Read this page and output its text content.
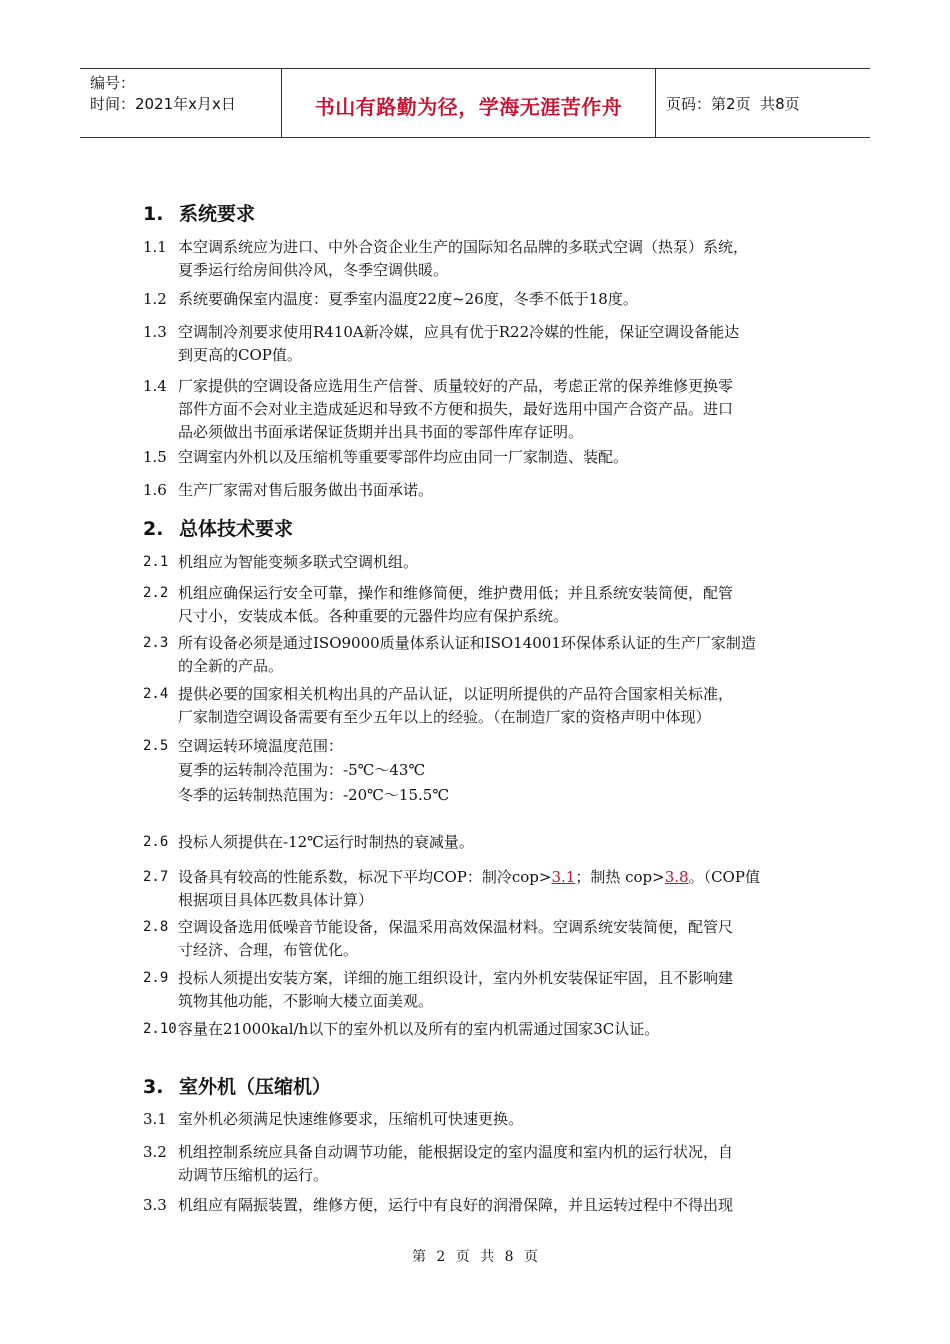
编号：
时间：2021年x月x日	书山有路勤为径，学海无涯苦作舟	页码：第2页  共8页
1. 系统要求
1.1 本空调系统应为进口、中外合资企业生产的国际知名品牌的多联式空调（热泵）系统，
夏季运行给房间供冷风，冬季空调供暖。
1.2 系统要确保室内温度：夏季室内温度22度~26度，冬季不低于18度。
1.3 空调制冷剂要求使用R410A新冷媒，应具有优于R22冷媒的性能，保证空调设备能达
到更高的COP值。
1.4 厂家提供的空调设备应选用生产信誉、质量较好的产品，考虑正常的保养维修更换零
部件方面不会对业主造成延迟和导致不方便和损失，最好选用中国产合资产品。进口
品必须做出书面承诺保证货期并出具书面的零部件库存证明。
1.5 空调室内外机以及压缩机等重要零部件均应由同一厂家制造、装配。
1.6 生产厂家需对售后服务做出书面承诺。
2. 总体技术要求
2.1 机组应为智能变频多联式空调机组。
2.2 机组应确保运行安全可靠，操作和维修简便，维护费用低；并且系统安装简便，配管
尺寸小，安装成本低。各种重要的元器件均应有保护系统。
2.3 所有设备必须是通过ISO9000质量体系认证和ISO14001环保体系认证的生产厂家制造
的全新的产品。
2.4 提供必要的国家相关机构出具的产品认证，以证明所提供的产品符合国家相关标准，
厂家制造空调设备需要有至少五年以上的经验。（在制造厂家的资格声明中体现）
2.5 空调运转环境温度范围：
夏季的运转制冷范围为：-5℃～43℃
冬季的运转制热范围为：-20℃～15.5℃
2.6 投标人须提供在-12℃运行时制热的衰减量。
2.7 设备具有较高的性能系数，标况下平均COP：制冷cop>3.1；制热 cop>3.8。（COP值
根据项目具体匹数具体计算）
2.8 空调设备选用低噪音节能设备，保温采用高效保温材料。空调系统安装简便，配管尺
寸经济、合理，布管优化。
2.9 投标人须提出安装方案，详细的施工组织设计，室内外机安装保证牢固，且不影响建
筑物其他功能，不影响大楼立面美观。
2.10 容量在21000kal/h以下的室外机以及所有的室内机需通过国家3C认证。
3. 室外机（压缩机）
3.1 室外机必须满足快速维修要求，压缩机可快速更换。
3.2 机组控制系统应具备自动调节功能，能根据设定的室内温度和室内机的运行状况，自
动调节压缩机的运行。
3.3 机组应有隔振装置，维修方便，运行中有良好的润滑保障，并且运转过程中不得出现
第 2 页 共 8 页
